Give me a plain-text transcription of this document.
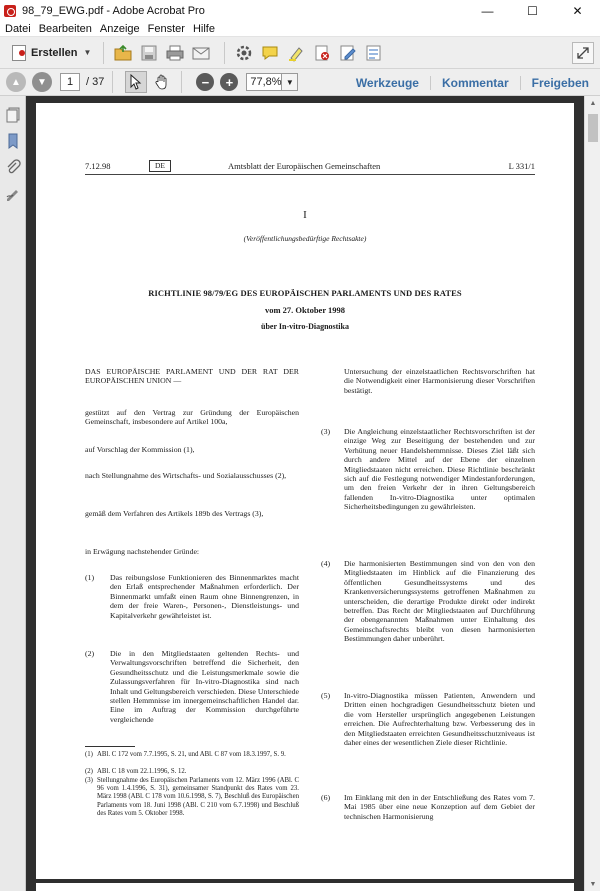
98_79_EWG.pdf - Adobe Acrobat Pro	—	☐	✕
Datei Bearbeiten Anzeige Fenster Hilfe
Erstellen ▼
▲ ▼	1	/ 37	−	+	77,8% ▼	Werkzeuge	Kommentar	Freigeben
7.12.98	DE	Amtsblatt der Europäischen Gemeinschaften	L 331/1
I
(Veröffentlichungsbedürftige Rechtsakte)
RICHTLINIE 98/79/EG DES EUROPÄISCHEN PARLAMENTS UND DES RATES
vom 27. Oktober 1998
über In-vitro-Diagnostika
DAS EUROPÄISCHE PARLAMENT UND DER RAT DER EUROPÄISCHEN UNION —
gestützt auf den Vertrag zur Gründung der Europäischen Gemeinschaft, insbesondere auf Artikel 100a,
auf Vorschlag der Kommission (1),
nach Stellungnahme des Wirtschafts- und Sozialausschusses (2),
gemäß dem Verfahren des Artikels 189b des Vertrags (3),
in Erwägung nachstehender Gründe:
(1) Das reibungslose Funktionieren des Binnenmarktes macht den Erlaß entsprechender Maßnahmen erforderlich. Der Binnenmarkt umfaßt einen Raum ohne Binnengrenzen, in dem der freie Waren-, Personen-, Dienstleistungs- und Kapitalverkehr gewährleistet ist.
(2) Die in den Mitgliedstaaten geltenden Rechts- und Verwaltungsvorschriften betreffend die Sicherheit, den Gesundheitsschutz und die Leistungsmerkmale sowie die Zulassungsverfahren für In-vitro-Diagnostika sind nach Inhalt und Geltungsbereich verschieden. Diese Unterschiede stellen Hemmnisse im innergemeinschaftlichen Handel dar. Eine im Auftrag der Kommission durchgeführte vergleichende
(1) ABl. C 172 vom 7.7.1995, S. 21, und ABl. C 87 vom 18.3.1997, S. 9.
(2) ABl. C 18 vom 22.1.1996, S. 12.
(3) Stellungnahme des Europäischen Parlaments vom 12. März 1996 (ABl. C 96 vom 1.4.1996, S. 31), gemeinsamer Standpunkt des Rates vom 23. März 1998 (ABl. C 178 vom 10.6.1998, S. 7), Beschluß des Europäischen Parlaments vom 18. Juni 1998 (ABl. C 210 vom 6.7.1998) und Beschluß des Rates vom 5. Oktober 1998.
Untersuchung der einzelstaatlichen Rechtsvorschriften hat die Notwendigkeit einer Harmonisierung dieser Vorschriften bestätigt.
(3) Die Angleichung einzelstaatlicher Rechtsvorschriften ist der einzige Weg zur Beseitigung der bestehenden und zur Verhütung neuer Handelshemmnisse. Dieses Ziel läßt sich durch andere Mittel auf der Ebene der einzelnen Mitgliedstaaten nicht erreichen. Diese Richtlinie beschränkt sich auf die Festlegung notwendiger Mindestanforderungen, um den freien Verkehr der in ihren Geltungsbereich fallenden In-vitro-Diagnostika unter optimalen Sicherheitsbedingungen zu gewährleisten.
(4) Die harmonisierten Bestimmungen sind von den von den Mitgliedstaaten im Hinblick auf die Finanzierung des öffentlichen Gesundheitssystems und des Krankenversicherungssystems getroffenen Maßnahmen zu unterscheiden, die derartige Produkte direkt oder indirekt betreffen. Das Recht der Mitgliedstaaten auf Durchführung der obengenannten Maßnahmen unter Einhaltung des Gemeinschaftsrechts bleibt von diesen harmonisierten Bestimmungen daher unberührt.
(5) In-vitro-Diagnostika müssen Patienten, Anwendern und Dritten einen hochgradigen Gesundheitsschutz bieten und die vom Hersteller ursprünglich angegebenen Leistungen erreichen. Die Aufrechterhaltung bzw. Verbesserung des in den Mitgliedstaaten erreichten Gesundheitsschutzniveaus ist daher eines der wesentlichen Ziele dieser Richtlinie.
(6) Im Einklang mit den in der Entschließung des Rates vom 7. Mai 1985 über eine neue Konzeption auf dem Gebiet der technischen Harmonisierung
▲
▼
